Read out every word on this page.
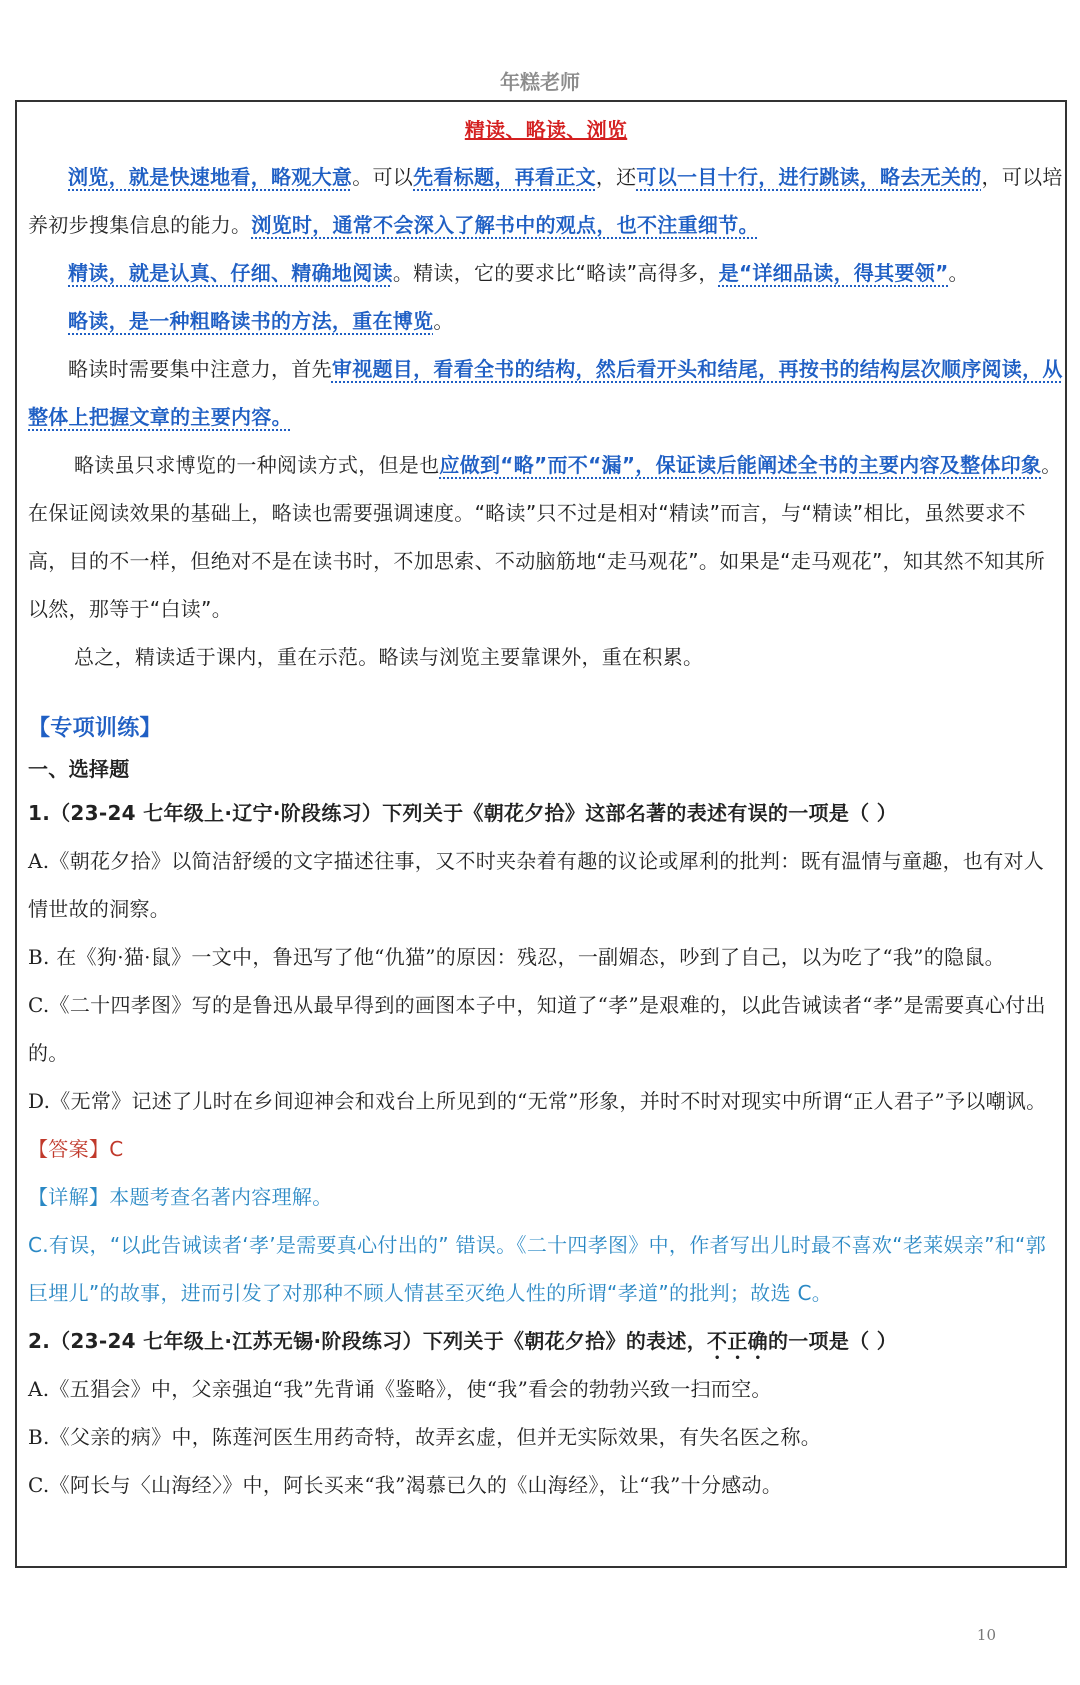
年糕老师
精读、略读、浏览

浏览，就是快速地看，略观大意。可以先看标题，再看正文，还可以一目十行，进行跳读，略去无关的，可以培养初步搜集信息的能力。浏览时，通常不会深入了解书中的观点，也不注重细节。

精读，就是认真、仔细、精确地阅读。精读，它的要求比“略读”高得多，是“详细品读，得其要领”。

略读，是一种粗略读书的方法，重在博览。

略读时需要集中注意力，首先审视题目，看看全书的结构，然后看开头和结尾，再按书的结构层次顺序阅读，从整体上把握文章的主要内容。

略读虽只求博览的一种阅读方式，但是也应做到“略”而不“漏”，保证读后能阐述全书的主要内容及整体印象。在保证阅读效果的基础上，略读也需要强调速度。“略读”只不过是相对“精读”而言，与“精读”相比，虽然要求不高，目的不一样，但绝对不是在读书时，不加思索、不动脑筋地“走马观花”。如果是“走马观花”，知其然不知其所以然，那等于“白读”。

总之，精读适于课内，重在示范。略读与浏览主要靠课外，重在积累。

【专项训练】
一、选择题
1.（23-24 七年级上·辽宁·阶段练习）下列关于《朝花夕拾》这部名著的表述有误的一项是（ ）
A.《朝花夕拾》以简洁舒缓的文字描述往事，又不时夹杂着有趣的议论或犀利的批判：既有温情与童趣，也有对人情世故的洞察。
B. 在《狗·猫·鼠》一文中，鲁迅写了他“仇猫”的原因：残忍，一副媚态，吵到了自己，以为吃了“我”的隐鼠。
C.《二十四孝图》写的是鲁迅从最早得到的画图本子中，知道了“孝”是艰难的，以此告诫读者“孝”是需要真心付出的。
D.《无常》记述了儿时在乡间迎神会和戏台上所见到的“无常”形象，并时不时对现实中所谓“正人君子”予以嘲讽。
【答案】C
【详解】本题考查名著内容理解。
C.有误，“以此告诫读者‘孝’是需要真心付出的” 错误。《二十四孝图》中，作者写出儿时最不喜欢“老莱娱亲”和“郭巨埋儿”的故事，进而引发了对那种不顾人情甚至灭绝人性的所谓“孝道”的批判；故选 C。
2.（23-24 七年级上·江苏无锡·阶段练习）下列关于《朝花夕拾》的表述，不正确的一项是（ ）
A.《五猖会》中，父亲强迫“我”先背诵《鉴略》，使“我”看会的勃勃兴致一扫而空。
B.《父亲的病》中，陈莲河医生用药奇特，故弄玄虚，但并无实际效果，有失名医之称。
C.《阿长与〈山海经〉》中，阿长买来“我”渴慕已久的《山海经》，让“我”十分感动。
10
